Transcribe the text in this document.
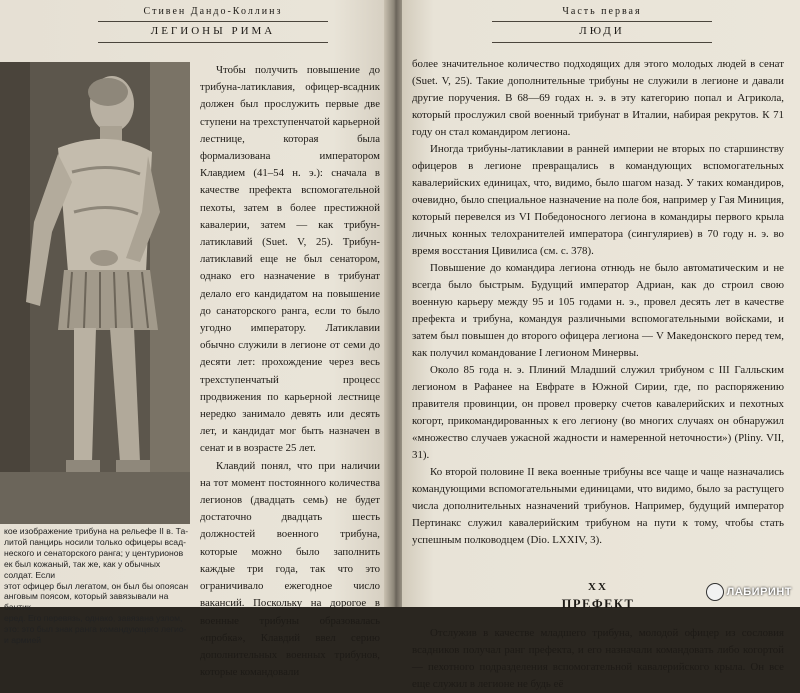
Стивен Дандо-Коллинз
ЛЕГИОНЫ РИМА

кое изображение трибуна на рельефе II в. Та-

литой панцирь носили только офицеры всад-

неского и сенаторского ранга; у центурионов

ек был кожаный, так же, как у обычных солдат. Если

этот офицер был легатом, он был бы опоясан

анговым поясом, который завязывали на бантик

еред. Его перевязь, однако, завязана узлом,

это: это был знак ранга командующего легио-

и армией

Чтобы получить повышение до трибуна-латиклавия, офицер-всадник должен был прослужить первые две ступени на трехступенчатой карьерной лестнице, которая была формализована императором Клавдием (41–54 н. э.): сначала в качестве префекта вспомогательной пехоты, затем в более престижной кавалерии, затем — как трибун-латиклавий (Suet. V, 25). Трибун-латиклавий еще не был сенатором, однако его назначение в трибунат делало его кандидатом на повышение до санаторского ранга, если то было угодно императору. Латиклавии обычно служили в легионе от семи до десяти лет: прохождение через весь трехступенчатый процесс продвижения по карьерной лестнице нередко занимало девять или десять лет, и кандидат мог быть назначен в сенат и в возрасте 25 лет.

Клавдий понял, что при наличии на тот момент постоянного количества легионов (двадцать семь) не будет достаточно двадцать шесть должностей военного трибуна, которые можно было заполнить каждые три года, так что это ограничивало ежегодное число вакансий. Поскольку на дорогое в военные трибуны образовалась «пробка», Клавдий ввел серию дополнительных военных трибунов, которые командовали

Часть первая
ЛЮДИ

более значительное количество подходящих для этого молодых людей в сенат (Suet. V, 25). Такие дополнительные трибуны не служили в легионе и давали другие поручения. В 68—69 годах н. э. в эту категорию попал и Агрикола, который прослужил свой военный трибунат в Италии, набирая рекрутов. К 71 году он стал командиром легиона.

Иногда трибуны-латиклавии в ранней империи не вторых по старшинству офицеров в легионе превращались в командующих вспомогательных кавалерийских единицах, что, видимо, было шагом назад. У таких командиров, очевидно, было специальное назначение на поле боя, например у Гая Миниция, который перевелся из VI Победоносного легиона в командиры первого крыла личных конных телохранителей императора (сингуляриев) в 70 году н. э. во время восстания Цивилиса (см. с. 378).

Повышение до командира легиона отнюдь не было автоматическим и не всегда было быстрым. Будущий император Адриан, как до строил свою военную карьеру между 95 и 105 годами н. э., провел десять лет в качестве префекта и трибуна, командуя различными вспомогательными войсками, и затем был повышен до второго офицера легиона — V Македонского перед тем, как получил командование I легионом Минервы.

Около 85 года н. э. Плиний Младший служил трибуном с III Галльским легионом в Рафанее на Евфрате в Южной Сирии, где, по распоряжению правителя провинции, он провел проверку счетов кавалерийских и пехотных когорт, прикомандированных к его легиону (во многих случаях он обнаружил «множество случаев ужасной жадности и намеренной неточности») (Pliny. VII, 31).

Ко второй половине II века военные трибуны все чаще и чаще назначались командующими вспомогательными единицами, что видимо, было за растущего числа дополнительных назначений трибунов. Например, будущий император Пертинакс служил кавалерийским трибуном на пути к тому, чтобы стать успешным полководцем (Dio. LXXIV, 3).

XX
ПРЕФЕКТ

Отслужив в качестве младшего трибуна, молодой офицер из сословия всадников получал ранг префекта, и его назначали командовать либо когортой — пехотного подразделения вспомогательной кавалерийского крыла. Он все еще служил в легионе не будь её

ЛАБИРИНТ
